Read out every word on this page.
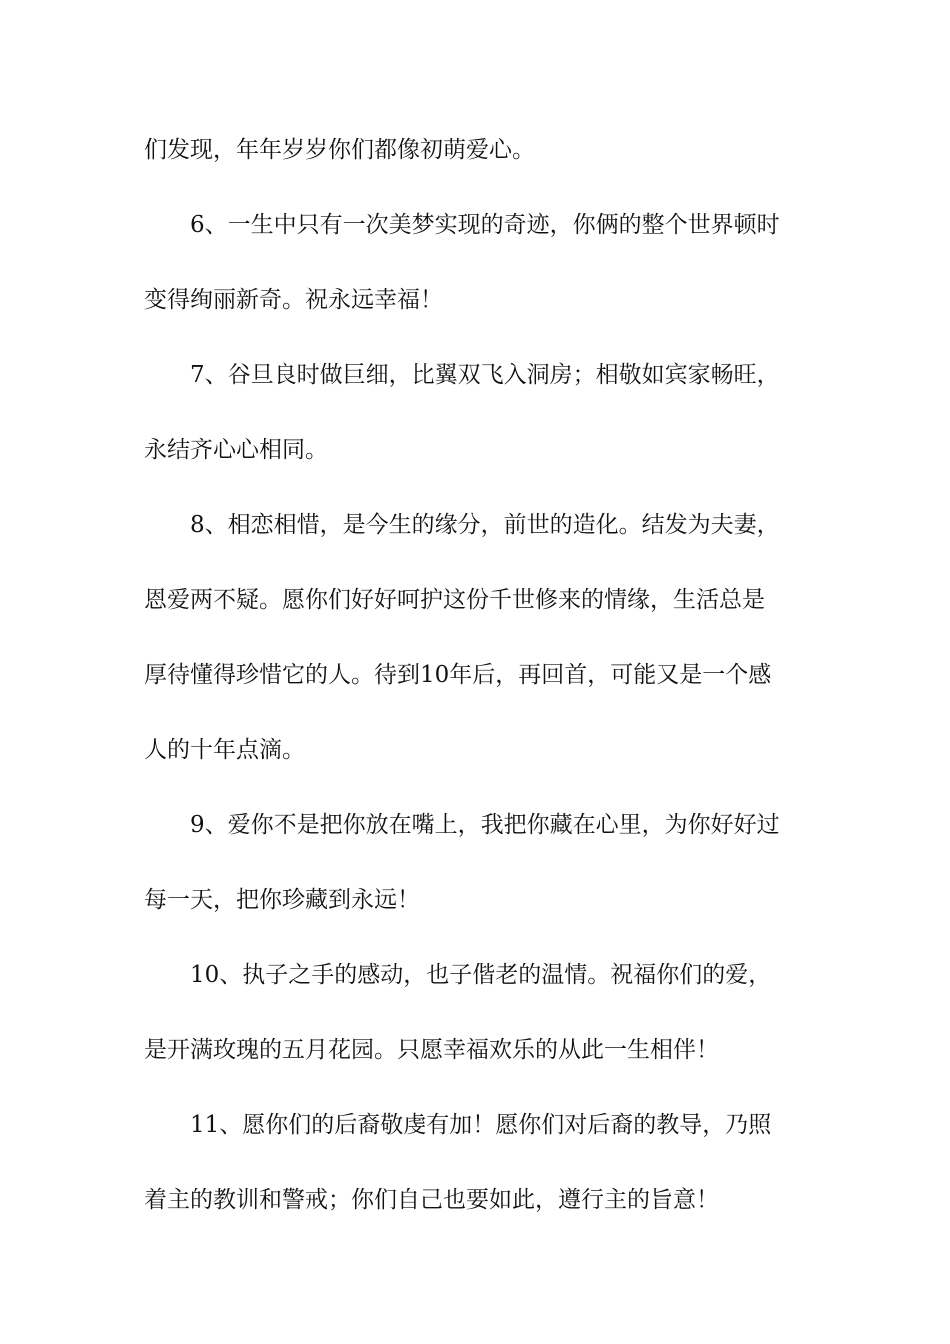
们发现，年年岁岁你们都像初萌爱心。
6、一生中只有一次美梦实现的奇迹，你俩的整个世界顿时
变得绚丽新奇。祝永远幸福！
7、谷旦良时做巨细，比翼双飞入洞房；相敬如宾家畅旺，
永结齐心心相同。
8、相恋相惜，是今生的缘分，前世的造化。结发为夫妻，
恩爱两不疑。愿你们好好呵护这份千世修来的情缘，生活总是
厚待懂得珍惜它的人。待到10年后，再回首，可能又是一个感
人的十年点滴。
9、爱你不是把你放在嘴上，我把你藏在心里，为你好好过
每一天，把你珍藏到永远！
10、执子之手的感动，也子偕老的温情。祝福你们的爱，
是开满玫瑰的五月花园。只愿幸福欢乐的从此一生相伴！
11、愿你们的后裔敬虔有加！愿你们对后裔的教导，乃照
着主的教训和警戒；你们自己也要如此，遵行主的旨意！
